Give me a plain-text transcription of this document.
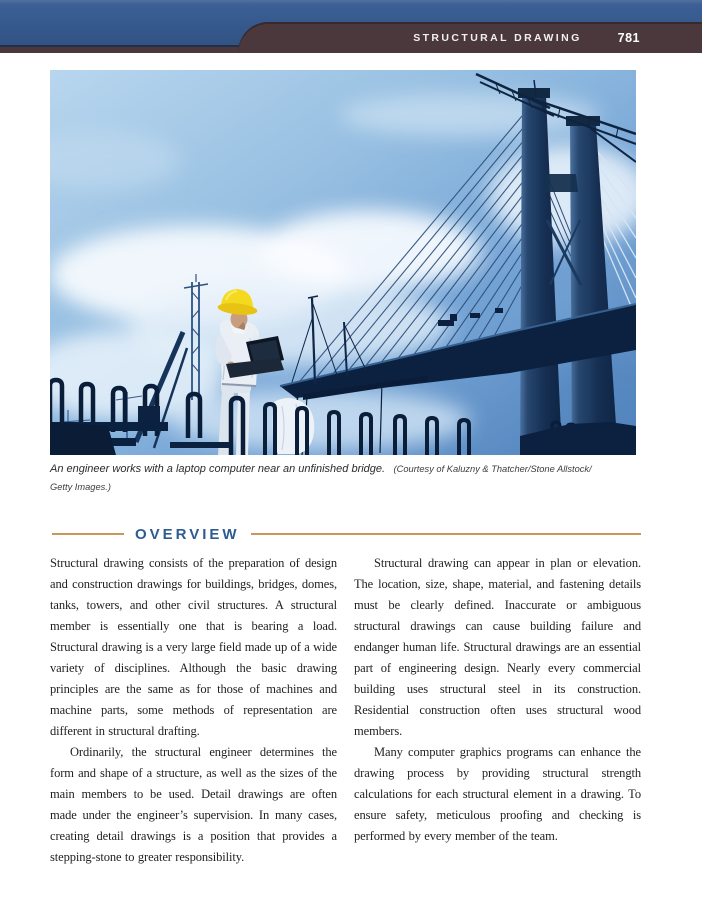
STRUCTURAL DRAWING	781
An engineer works with a laptop computer near an unfinished bridge. (Courtesy of Kaluzny & Thatcher/Stone Allstock/
Getty Images.)
OVERVIEW

Structural drawing consists of the preparation of design and construction drawings for buildings, bridges, domes, tanks, towers, and other civil structures. A structural member is essentially one that is bearing a load. Structural drawing is a very large field made up of a wide variety of disciplines. Although the basic drawing principles are the same as for those of machines and machine parts, some methods of representation are different in structural drafting.

Ordinarily, the structural engineer determines the form and shape of a structure, as well as the sizes of the main members to be used. Detail drawings are often made under the engineer’s supervision. In many cases, creating detail drawings is a position that provides a stepping-stone to greater responsibility.

Structural drawing can appear in plan or elevation. The location, size, shape, material, and fastening details must be clearly defined. Inaccurate or ambiguous structural drawings can cause building failure and endanger human life. Structural drawings are an essential part of engineering design. Nearly every commercial building uses structural steel in its construction. Residential construction often uses structural wood members.

Many computer graphics programs can enhance the drawing process by providing structural strength calculations for each structural element in a drawing. To ensure safety, meticulous proofing and checking is performed by every member of the team.
